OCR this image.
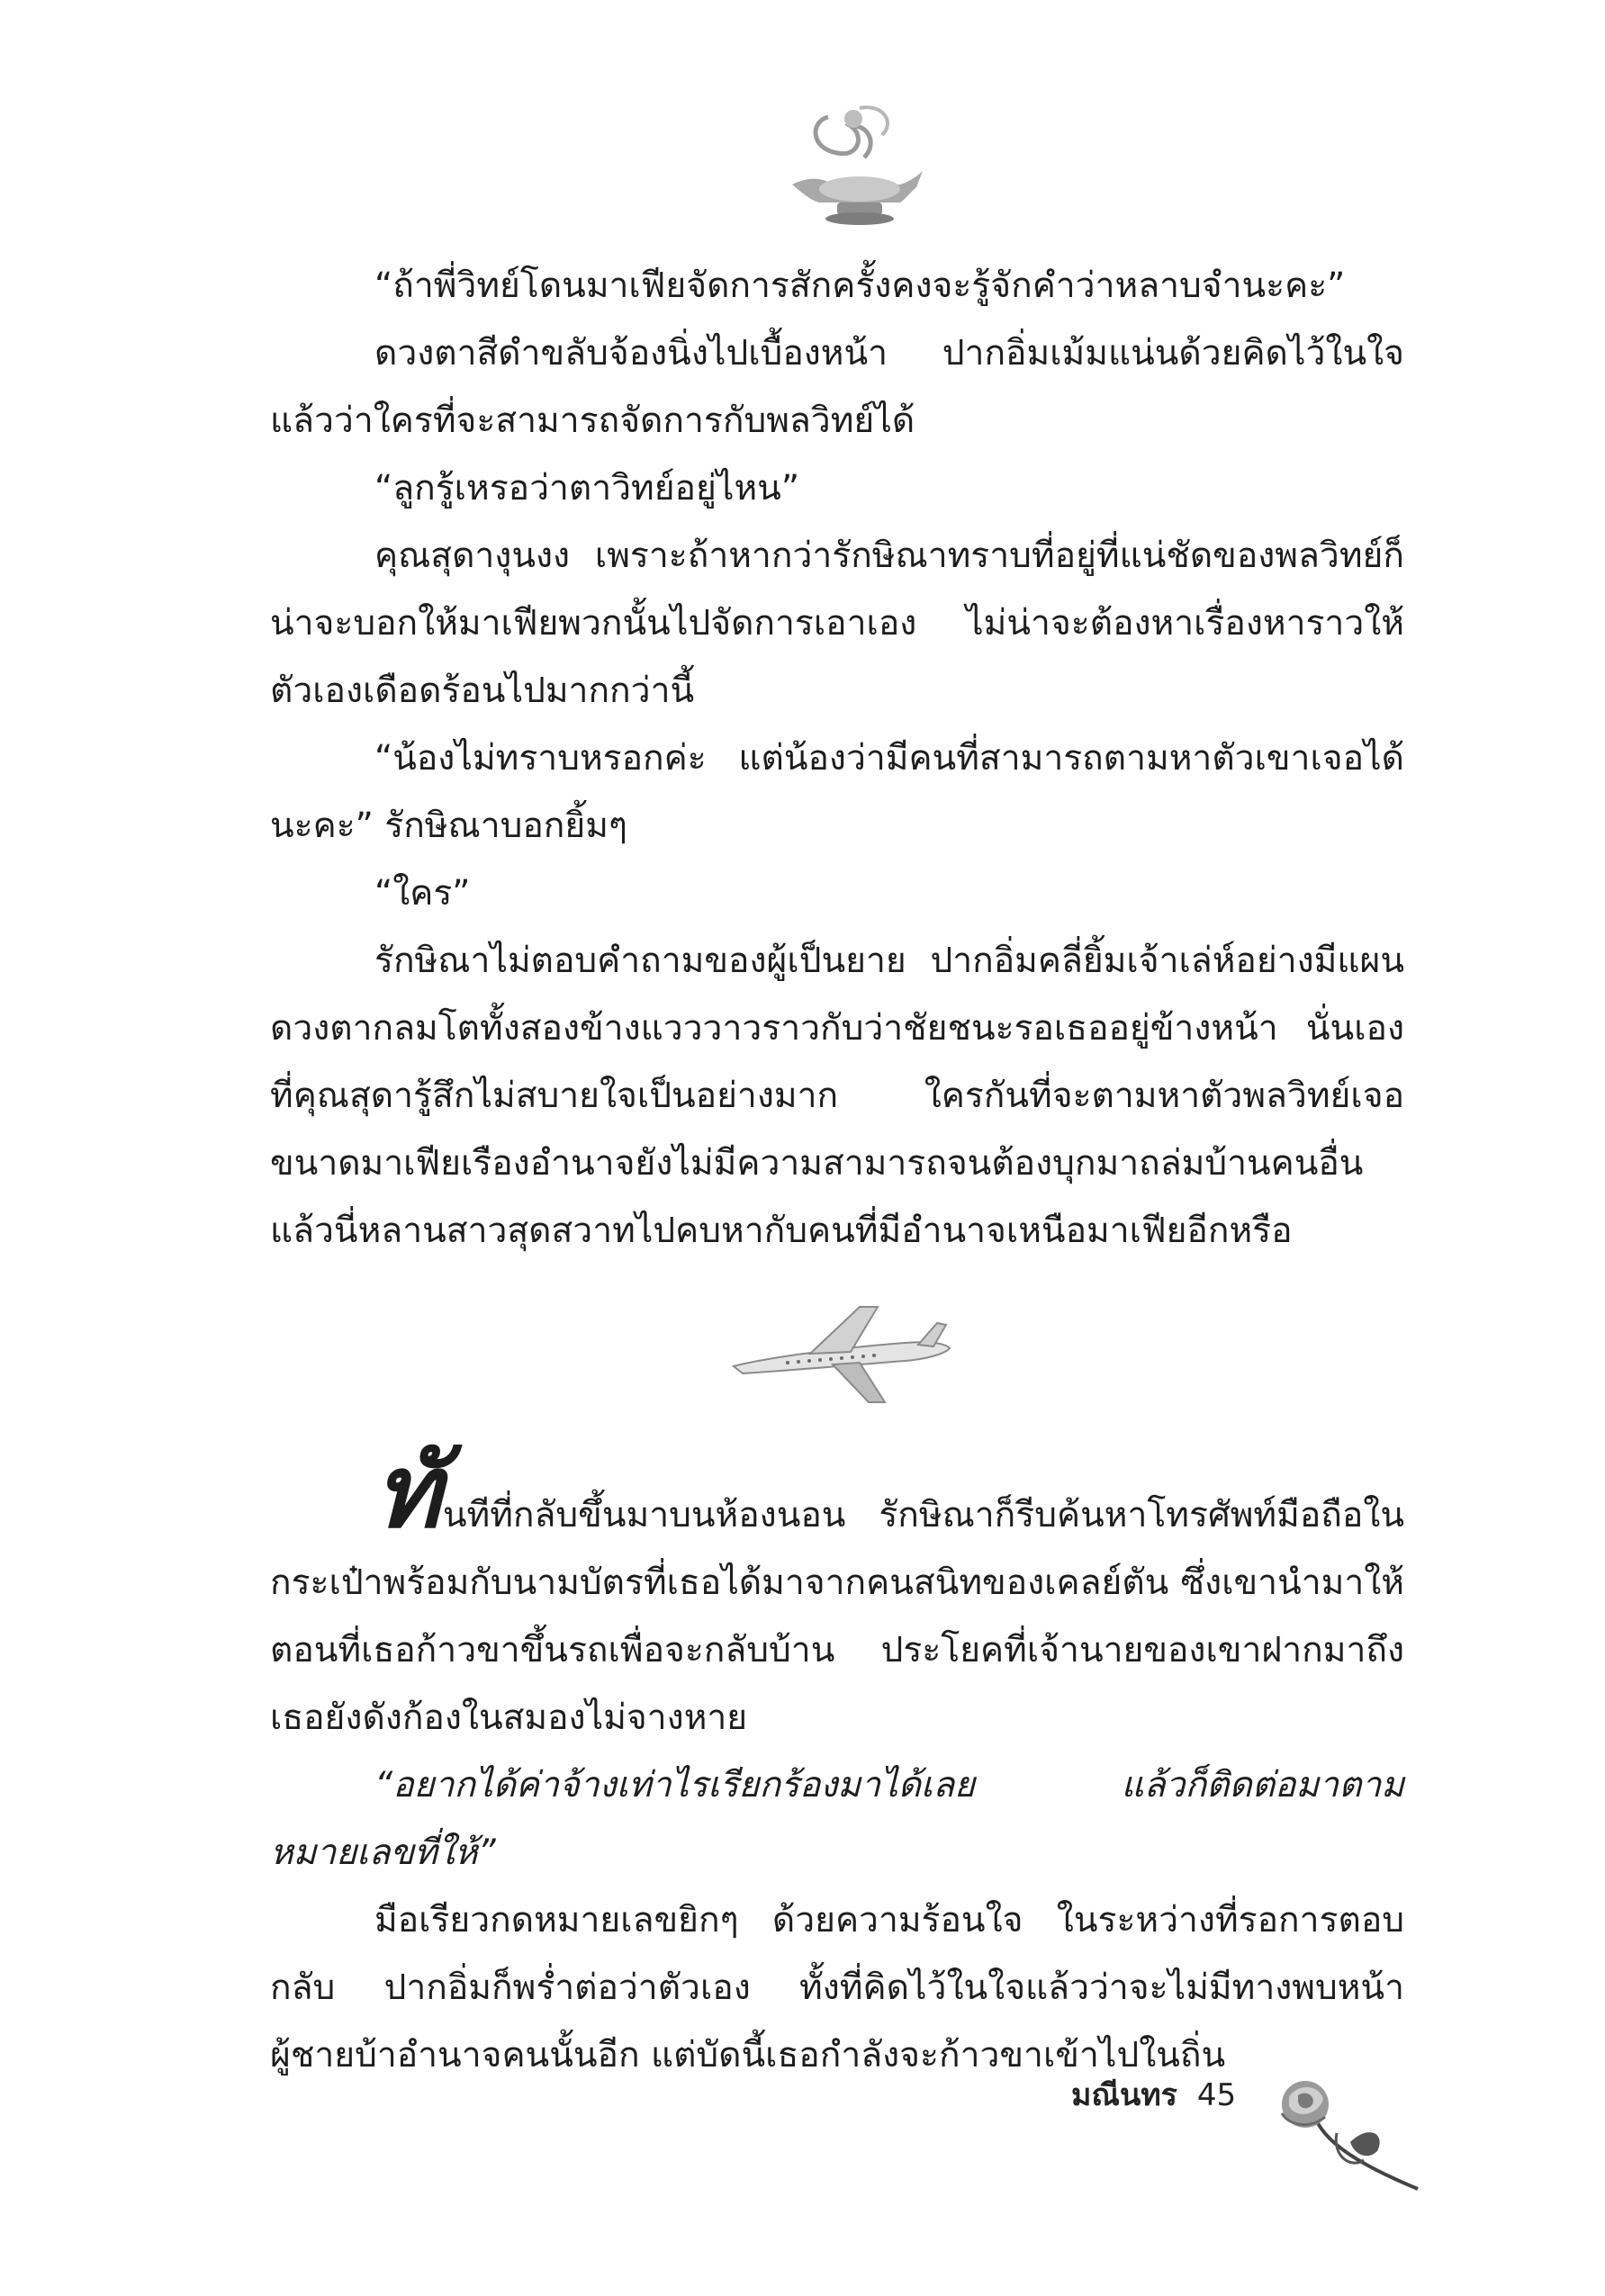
“ถ้าพี่วิทย์โดนมาเฟียจัดการสักครั้งคงจะรู้จักคำว่าหลาบจำนะคะ”

ดวงตาสีดำขลับจ้องนิ่งไปเบื้องหน้า ปากอิ่มเม้มแน่นด้วยคิดไว้ในใจแล้วว่าใครที่จะสามารถจัดการกับพลวิทย์ได้

“ลูกรู้เหรอว่าตาวิทย์อยู่ไหน”

คุณสุดางุนงง เพราะถ้าหากว่ารักษิณาทราบที่อยู่ที่แน่ชัดของพลวิทย์ก็น่าจะบอกให้มาเฟียพวกนั้นไปจัดการเอาเอง ไม่น่าจะต้องหาเรื่องหาราวให้ตัวเองเดือดร้อนไปมากกว่านี้

“น้องไม่ทราบหรอกค่ะ แต่น้องว่ามีคนที่สามารถตามหาตัวเขาเจอได้นะคะ” รักษิณาบอกยิ้มๆ

“ใคร”

รักษิณาไม่ตอบคำถามของผู้เป็นยาย ปากอิ่มคลี่ยิ้มเจ้าเล่ห์อย่างมีแผนดวงตากลมโตทั้งสองข้างแวววาวราวกับว่าชัยชนะรอเธออยู่ข้างหน้า นั่นเองที่คุณสุดารู้สึกไม่สบายใจเป็นอย่างมาก ใครกันที่จะตามหาตัวพลวิทย์เจอขนาดมาเฟียเรืองอำนาจยังไม่มีความสามารถจนต้องบุกมาถล่มบ้านคนอื่นแล้วนี่หลานสาวสุดสวาทไปคบหากับคนที่มีอำนาจเหนือมาเฟียอีกหรือ

ทันทีที่กลับขึ้นมาบนห้องนอน รักษิณาก็รีบค้นหาโทรศัพท์มือถือในกระเป๋าพร้อมกับนามบัตรที่เธอได้มาจากคนสนิทของเคลย์ตัน ซึ่งเขานำมาให้ตอนที่เธอก้าวขาขึ้นรถเพื่อจะกลับบ้าน ประโยคที่เจ้านายของเขาฝากมาถึงเธอยังดังก้องในสมองไม่จางหาย

“อยากได้ค่าจ้างเท่าไรเรียกร้องมาได้เลย แล้วก็ติดต่อมาตามหมายเลขที่ให้”

มือเรียวกดหมายเลขยิกๆ ด้วยความร้อนใจ ในระหว่างที่รอการตอบกลับ ปากอิ่มก็พร่ำต่อว่าตัวเอง ทั้งที่คิดไว้ในใจแล้วว่าจะไม่มีทางพบหน้าผู้ชายบ้าอำนาจคนนั้นอีก แต่บัดนี้เธอกำลังจะก้าวขาเข้าไปในถิ่น

มณีนทร 45
